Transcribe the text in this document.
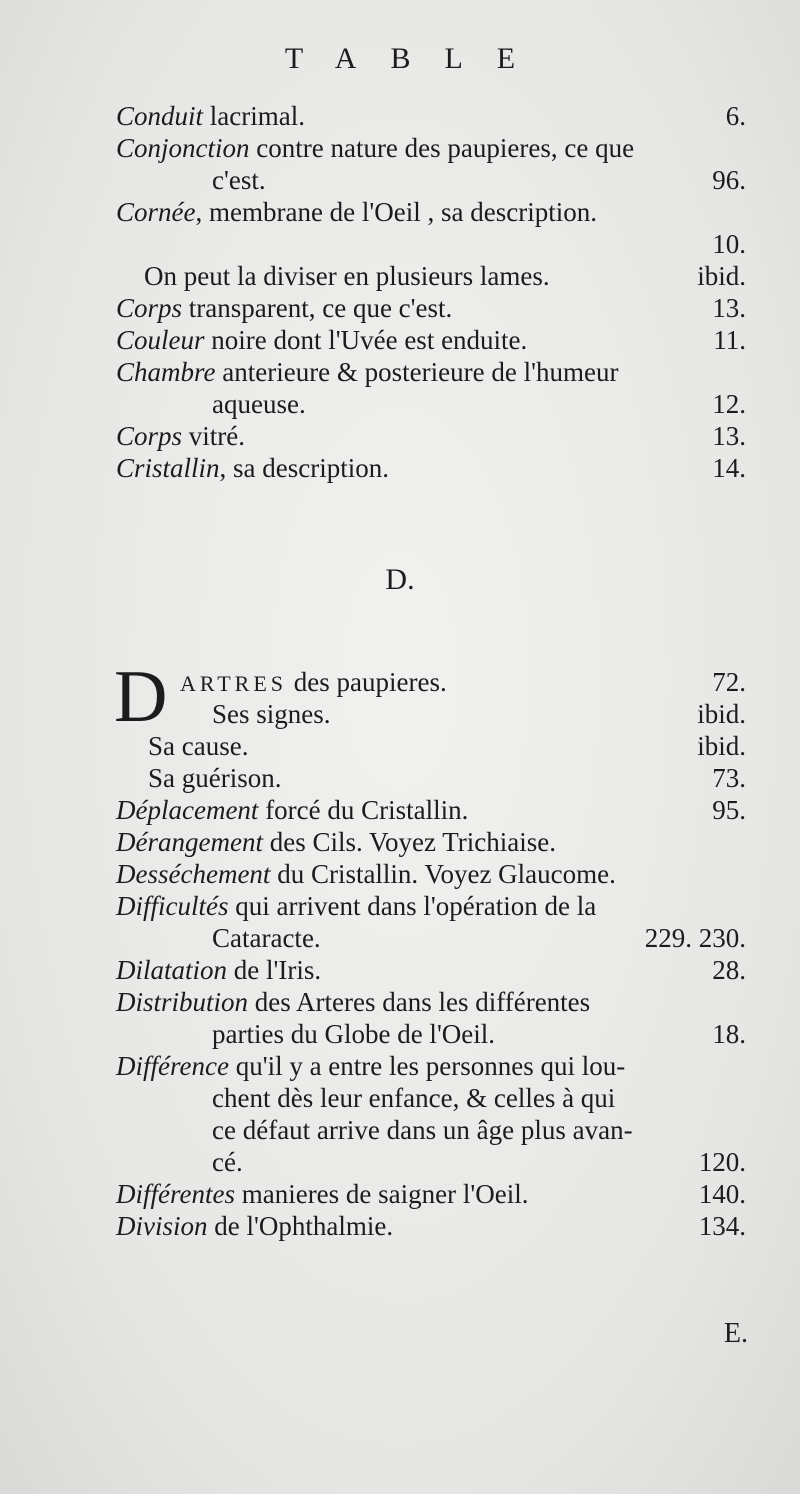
TABLE
Conduit lacrimal.	6.
Conjonction contre nature des paupieres, ce que
c'est.	96.
Cornée, membrane de l'Oeil , sa description.
10.
On peut la diviser en plusieurs lames.	ibid.
Corps transparent, ce que c'est.	13.
Couleur noire dont l'Uvée est enduite.	11.
Chambre anterieure & posterieure de l'humeur
aqueuse.	12.
Corps vitré.	13.
Cristallin, sa description.	14.
D.
D ARTRES des paupieres.	72.
Ses signes.	ibid.
Sa cause.	ibid.
Sa guérison.	73.
Déplacement forcé du Cristallin.	95.
Dérangement des Cils. Voyez Trichiaise.
Desséchement du Cristallin. Voyez Glaucome.
Difficultés qui arrivent dans l'opération de la
Cataracte.	229. 230.
Dilatation de l'Iris.	28.
Distribution des Arteres dans les différentes
parties du Globe de l'Oeil.	18.
Différence qu'il y a entre les personnes qui lou-
chent dès leur enfance, & celles à qui
ce défaut arrive dans un âge plus avan-
cé.	120.
Différentes manieres de saigner l'Oeil.	140.
Division de l'Ophthalmie.	134.
E.
